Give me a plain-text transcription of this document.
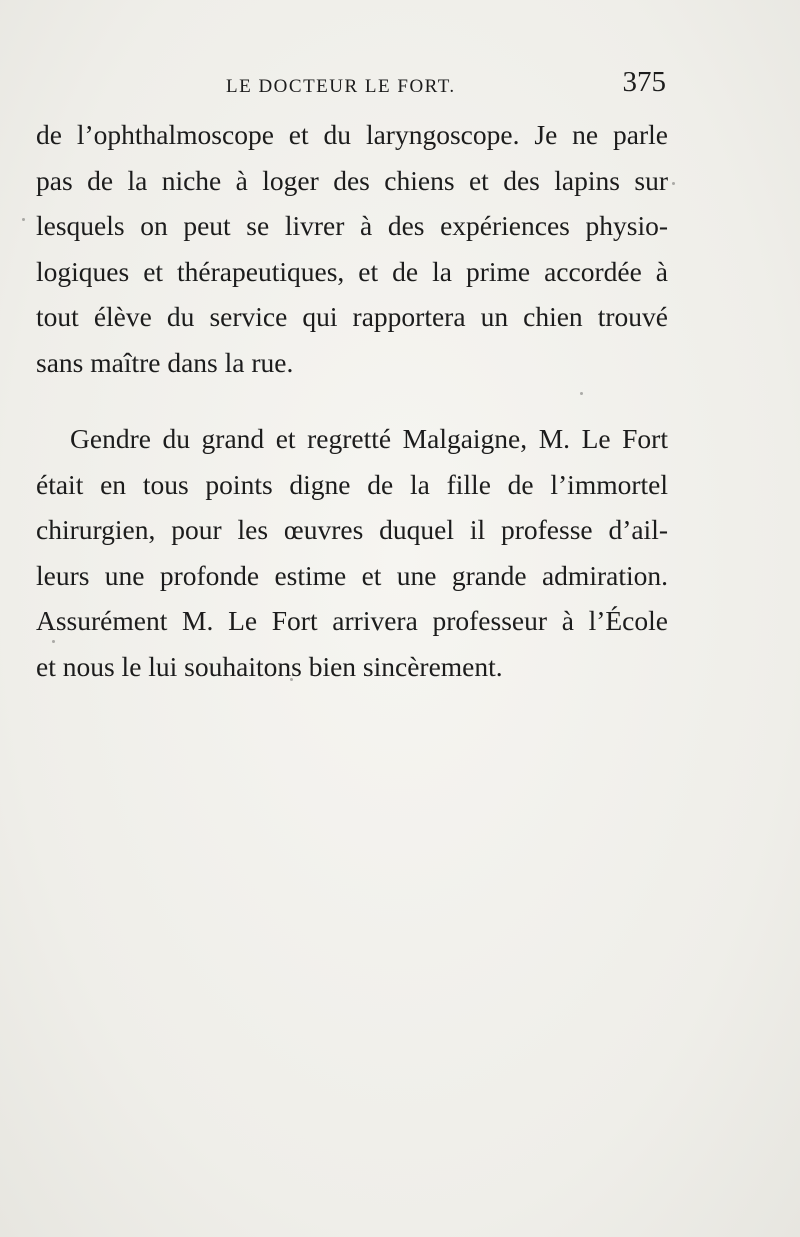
LE DOCTEUR LE FORT.	375
de l’ophthalmoscope et du laryngoscope. Je ne parle
pas de la niche à loger des chiens et des lapins sur
lesquels on peut se livrer à des expériences physio-
logiques et thérapeutiques, et de la prime accordée à
tout élève du service qui rapportera un chien trouvé
sans maître dans la rue.
Gendre du grand et regretté Malgaigne, M. Le Fort
était en tous points digne de la fille de l’immortel
chirurgien, pour les œuvres duquel il professe d’ail-
leurs une profonde estime et une grande admiration.
Assurément M. Le Fort arrivera professeur à l’École
et nous le lui souhaitons bien sincèrement.
